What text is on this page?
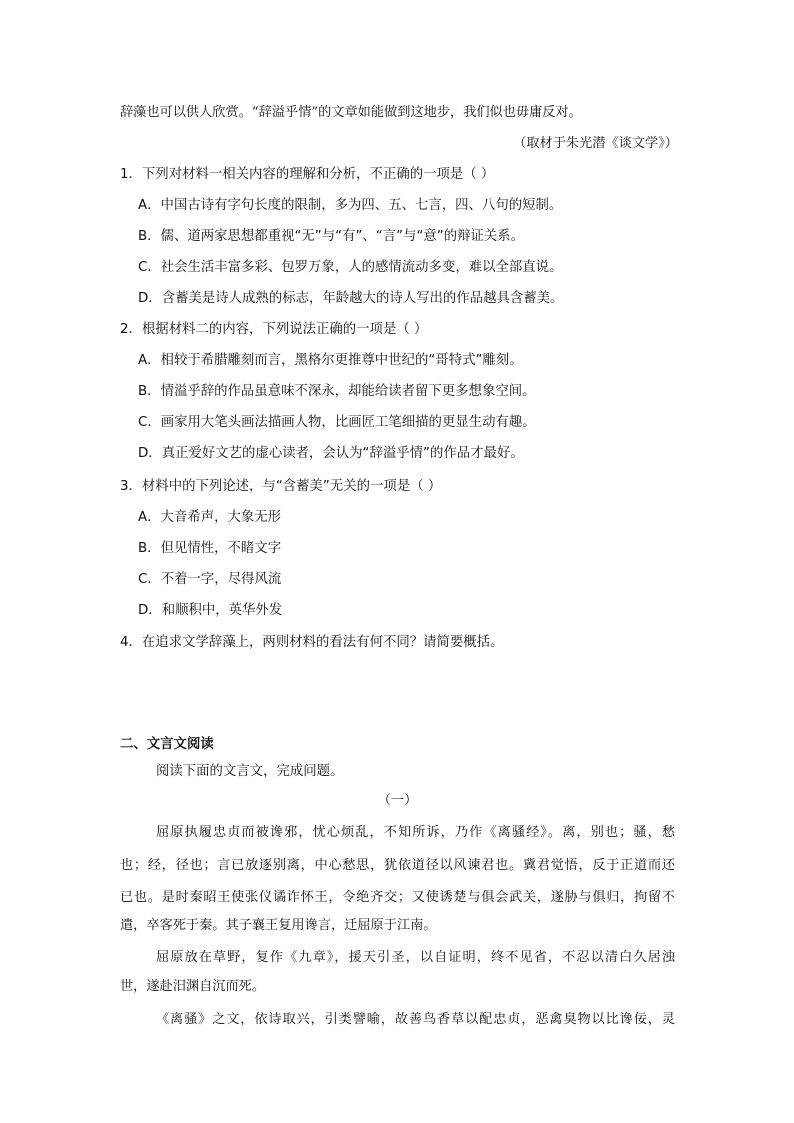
辞藻也可以供人欣赏。“辞溢乎情”的文章如能做到这地步，我们似也毋庸反对。
（取材于朱光潜《谈文学》）
1．下列对材料一相关内容的理解和分析，不正确的一项是（ ）
A．中国古诗有字句长度的限制，多为四、五、七言，四、八句的短制。
B．儒、道两家思想都重视“无”与“有”、“言”与“意”的辩证关系。
C．社会生活丰富多彩、包罗万象，人的感情流动多变，难以全部直说。
D．含蓄美是诗人成熟的标志，年龄越大的诗人写出的作品越具含蓄美。
2．根据材料二的内容，下列说法正确的一项是（ ）
A．相较于希腊雕刻而言，黑格尔更推尊中世纪的“哥特式”雕刻。
B．情溢乎辞的作品虽意味不深永，却能给读者留下更多想象空间。
C．画家用大笔头画法描画人物，比画匠工笔细描的更显生动有趣。
D．真正爱好文艺的虚心读者，会认为“辞溢乎情”的作品才最好。
3．材料中的下列论述，与“含蓄美”无关的一项是（ ）
A．大音希声，大象无形
B．但见情性，不睹文字
C．不着一字，尽得风流
D．和顺积中，英华外发
4．在追求文学辞藻上，两则材料的看法有何不同？请简要概括。
二、文言文阅读
阅读下面的文言文，完成问题。
（一）
屈原执履忠贞而被谗邪，忧心烦乱，不知所诉，乃作《离骚经》。离，别也；骚，愁
也；经，径也；言已放逐别离，中心愁思，犹依道径以风谏君也。冀君觉悟，反于正道而还
已也。是时秦昭王使张仪谲诈怀王，令绝齐交；又使诱楚与俱会武关，遂胁与俱归，拘留不
遣，卒客死于秦。其子襄王复用谗言，迁屈原于江南。
屈原放在草野，复作《九章》，援天引圣，以自证明，终不见省，不忍以清白久居浊
世，遂赴汨渊自沉而死。
《离骚》之文，依诗取兴，引类譬喻，故善鸟香草以配忠贞，恶禽臭物以比谗佞，灵
